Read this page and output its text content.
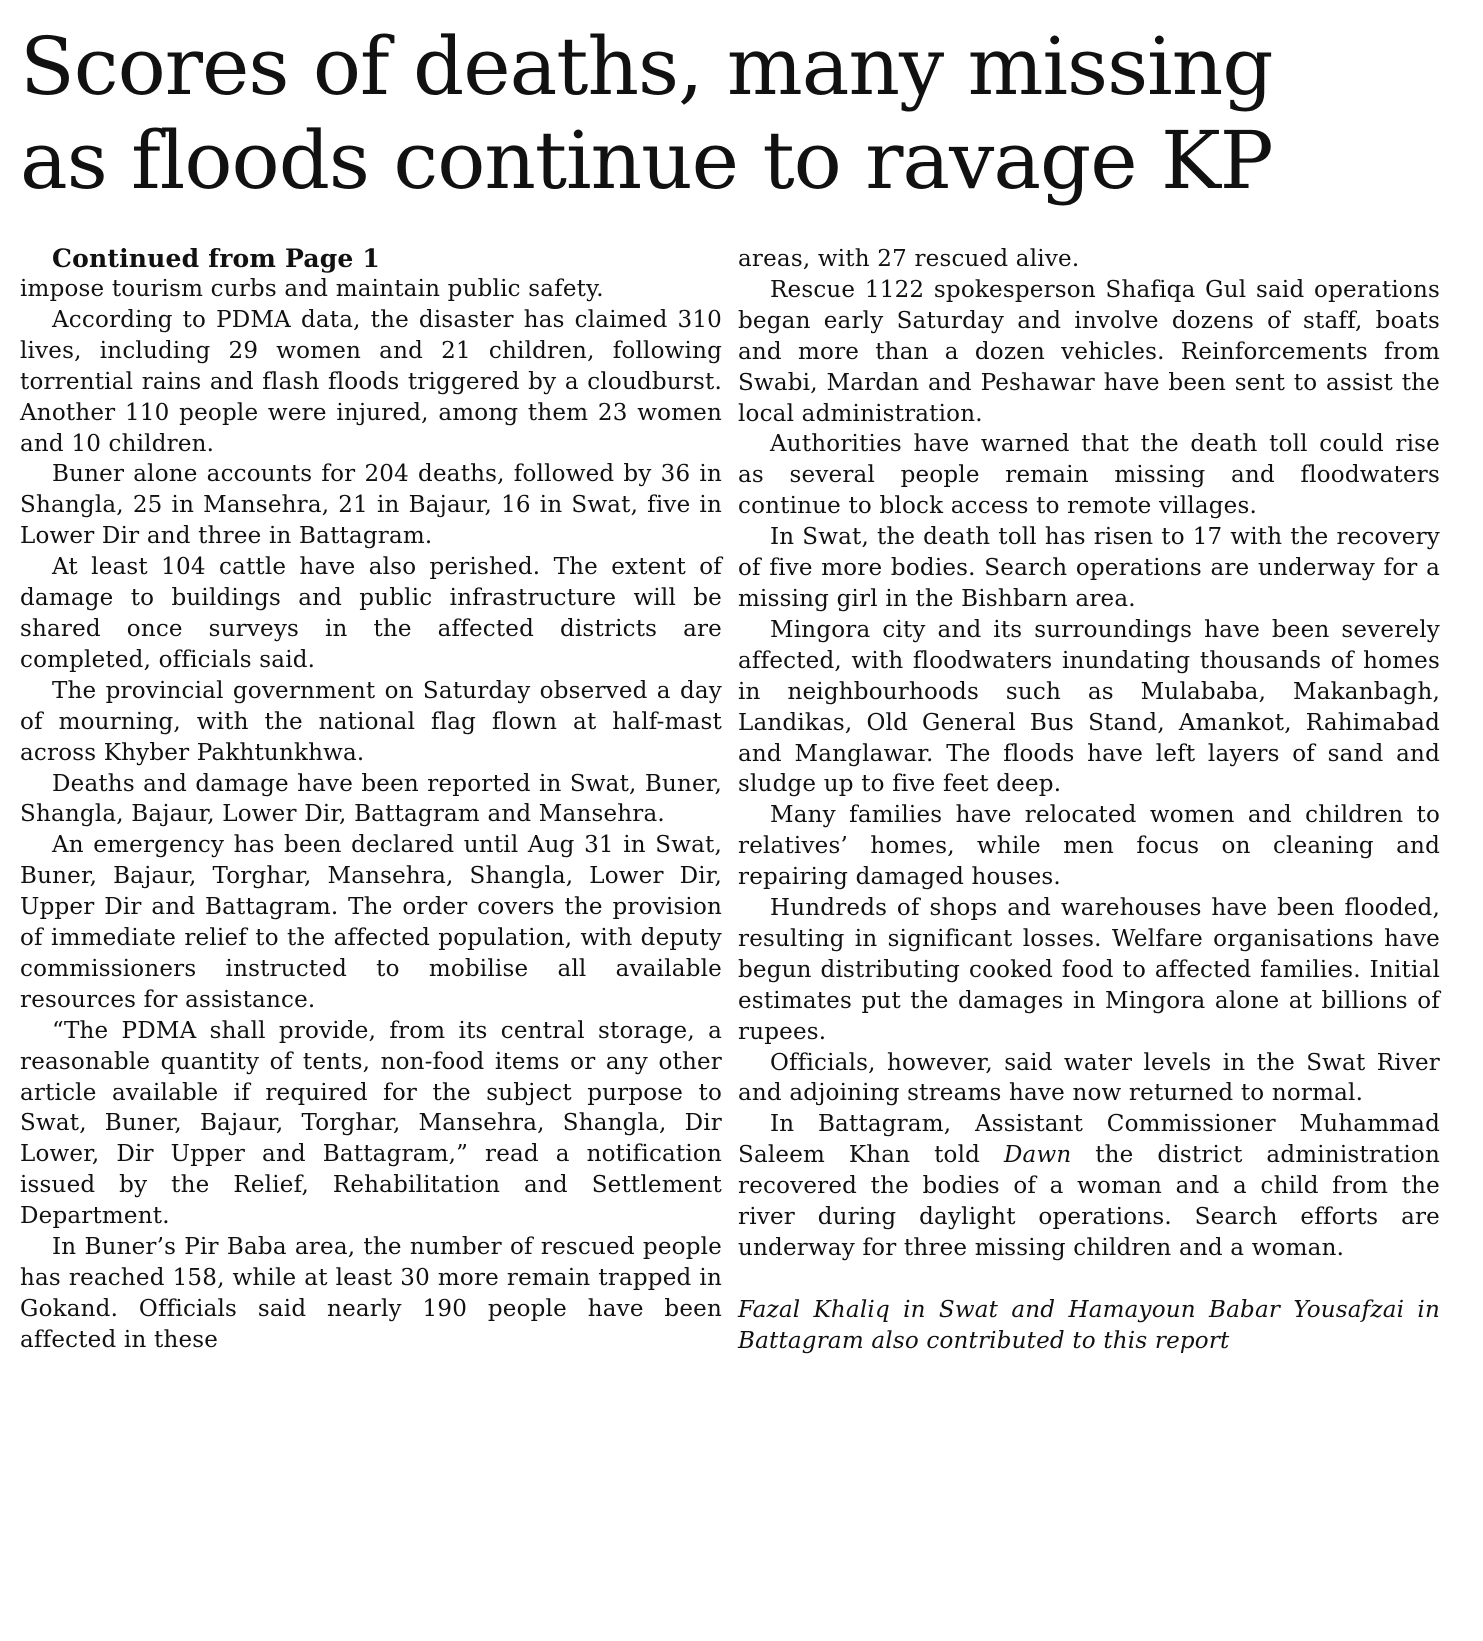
Scores of deaths, many missing
as floods continue to ravage KP

Continued from Page 1

impose tourism curbs and maintain public safety.

According to PDMA data, the disaster has claimed 310 lives, including 29 women and 21 children, following torrential rains and flash floods triggered by a cloudburst. Another 110 people were injured, among them 23 women and 10 children.

Buner alone accounts for 204 deaths, followed by 36 in Shangla, 25 in Mansehra, 21 in Bajaur, 16 in Swat, five in Lower Dir and three in Battagram.

At least 104 cattle have also perished. The extent of damage to buildings and public infrastructure will be shared once surveys in the affected districts are completed, officials said.

The provincial government on Saturday observed a day of mourning, with the national flag flown at half-mast across Khyber Pakhtunkhwa.

Deaths and damage have been reported in Swat, Buner, Shangla, Bajaur, Lower Dir, Battagram and Mansehra.

An emergency has been declared until Aug 31 in Swat, Buner, Bajaur, Torghar, Mansehra, Shangla, Lower Dir, Upper Dir and Battagram. The order covers the provision of immediate relief to the affected population, with deputy commissioners instructed to mobilise all available resources for assistance.

“The PDMA shall provide, from its central storage, a reasonable quantity of tents, non-food items or any other article available if required for the subject purpose to Swat, Buner, Bajaur, Torghar, Mansehra, Shangla, Dir Lower, Dir Upper and Battagram,” read a notification issued by the Relief, Rehabilitation and Settlement Department.

In Buner’s Pir Baba area, the number of rescued people has reached 158, while at least 30 more remain trapped in Gokand. Officials said nearly 190 people have been affected in these

areas, with 27 rescued alive.

Rescue 1122 spokesperson Shafiqa Gul said operations began early Saturday and involve dozens of staff, boats and more than a dozen vehicles. Reinforcements from Swabi, Mardan and Peshawar have been sent to assist the local administration.

Authorities have warned that the death toll could rise as several people remain missing and floodwaters continue to block access to remote villages.

In Swat, the death toll has risen to 17 with the recovery of five more bodies. Search operations are underway for a missing girl in the Bishbarn area.

Mingora city and its surroundings have been severely affected, with floodwaters inundating thousands of homes in neighbourhoods such as Mulababa, Makanbagh, Landikas, Old General Bus Stand, Amankot, Rahimabad and Manglawar. The floods have left layers of sand and sludge up to five feet deep.

Many families have relocated women and children to relatives’ homes, while men focus on cleaning and repairing damaged houses.

Hundreds of shops and warehouses have been flooded, resulting in significant losses. Welfare organisations have begun distributing cooked food to affected families. Initial estimates put the damages in Mingora alone at billions of rupees.

Officials, however, said water levels in the Swat River and adjoining streams have now returned to normal.

In Battagram, Assistant Commissioner Muhammad Saleem Khan told Dawn the district administration recovered the bodies of a woman and a child from the river during daylight operations. Search efforts are underway for three missing children and a woman.

Fazal Khaliq in Swat and Hamayoun Babar Yousafzai in Battagram also contributed to this report
